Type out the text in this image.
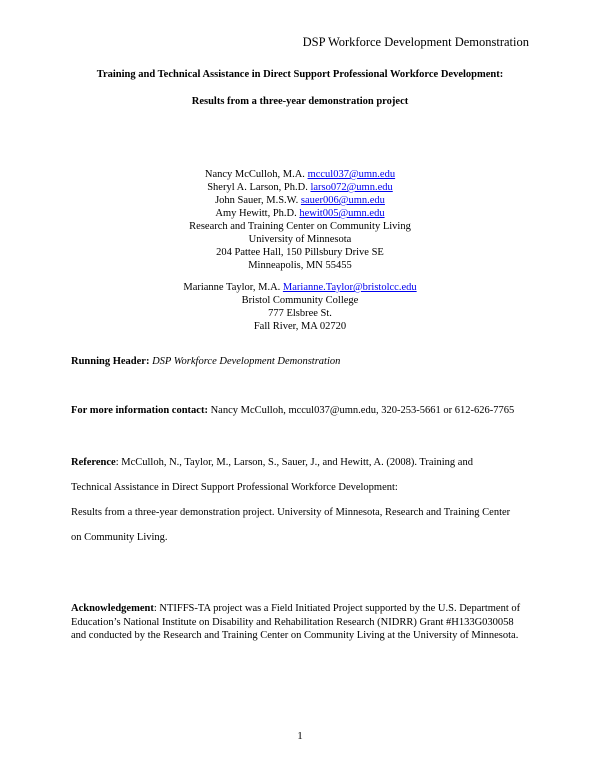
DSP Workforce Development Demonstration
Training and Technical Assistance in Direct Support Professional Workforce Development:
Results from a three-year demonstration project
Nancy McCulloh, M.A. mccul037@umn.edu
Sheryl A. Larson, Ph.D. larso072@umn.edu
John Sauer, M.S.W. sauer006@umn.edu
Amy Hewitt, Ph.D. hewit005@umn.edu
Research and Training Center on Community Living
University of Minnesota
204 Pattee Hall, 150 Pillsbury Drive SE
Minneapolis, MN 55455
Marianne Taylor, M.A. Marianne.Taylor@bristolcc.edu
Bristol Community College
777 Elsbree St.
Fall River, MA 02720
Running Header: DSP Workforce Development Demonstration
For more information contact: Nancy McCulloh, mccul037@umn.edu, 320-253-5661 or 612-626-7765
Reference: McCulloh, N., Taylor, M., Larson, S., Sauer, J., and Hewitt, A. (2008). Training and
Technical Assistance in Direct Support Professional Workforce Development:
Results from a three-year demonstration project. University of Minnesota, Research and Training Center
on Community Living.
Acknowledgement: NTIFFS-TA project was a Field Initiated Project supported by the U.S. Department of Education’s National Institute on Disability and Rehabilitation Research (NIDRR) Grant #H133G030058 and conducted by the Research and Training Center on Community Living at the University of Minnesota.
1
